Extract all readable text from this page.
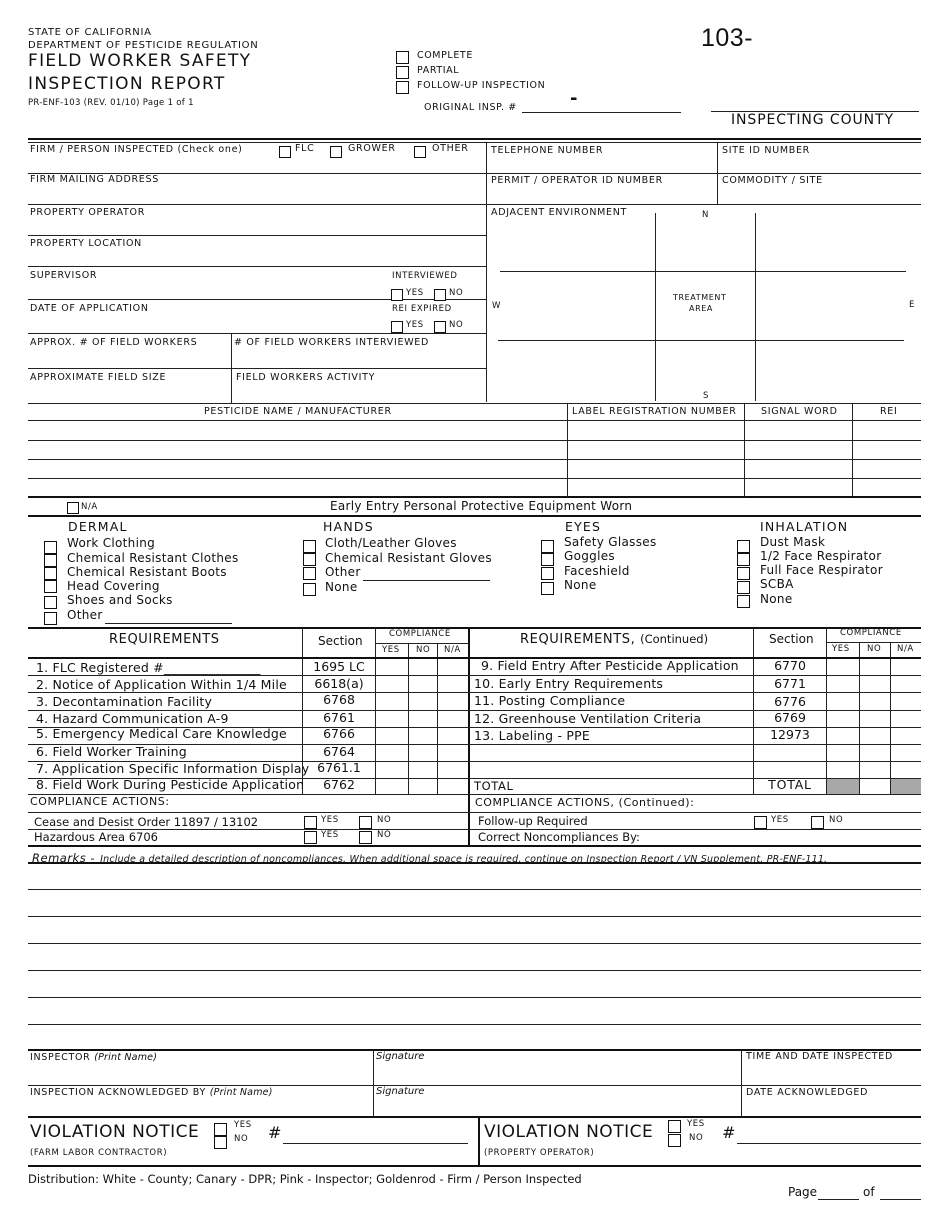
STATE OF CALIFORNIA
DEPARTMENT OF PESTICIDE REGULATION
FIELD WORKER SAFETY
INSPECTION REPORT
PR-ENF-103 (REV. 01/10) Page 1 of 1
COMPLETE
PARTIAL
FOLLOW-UP INSPECTION
ORIGINAL INSP. #	-
103-
INSPECTING COUNTY
FIRM / PERSON INSPECTED (Check one)	FLC	GROWER	OTHER TELEPHONE NUMBER	SITE ID NUMBER
FIRM MAILING ADDRESS	PERMIT / OPERATOR ID NUMBER	COMMODITY / SITE
PROPERTY OPERATOR	ADJACENT ENVIRONMENT
PROPERTY LOCATION
SUPERVISOR	INTERVIEWED
YES	NO
DATE OF APPLICATION	REI EXPIRED
YES	NO
APPROX. # OF FIELD WORKERS	# OF FIELD WORKERS INTERVIEWED
APPROXIMATE FIELD SIZE	FIELD WORKERS ACTIVITY
N
S
W	E
TREATMENT
AREA
PESTICIDE NAME / MANUFACTURER	LABEL REGISTRATION NUMBER	SIGNAL WORD	REI
N/A	Early Entry Personal Protective Equipment Worn
DERMAL	HANDS	EYES	INHALATION
Work Clothing
Chemical Resistant Clothes
Chemical Resistant Boots
Head Covering
Shoes and Socks
Other
Cloth/Leather Gloves
Chemical Resistant Gloves
Other
None
Safety Glasses
Goggles
Faceshield
None
Dust Mask
1/2 Face Respirator
Full Face Respirator
SCBA
None
REQUIREMENTS	Section	COMPLIANCE
YES NO N/A
REQUIREMENTS, (Continued)	Section	COMPLIANCE
YES NO N/A
1. FLC Registered #_______________	1695 LC
2. Notice of Application Within 1/4 Mile	6618(a)
3. Decontamination Facility	6768
4. Hazard Communication A-9	6761
5. Emergency Medical Care Knowledge	6766
6. Field Worker Training	6764
7. Application Specific Information Display 6761.1
8. Field Work During Pesticide Application	6762
9. Field Entry After Pesticide Application	6770
10. Early Entry Requirements	6771
11. Posting Compliance	6776
12. Greenhouse Ventilation Criteria	6769
13. Labeling - PPE	12973
TOTAL	TOTAL
COMPLIANCE ACTIONS:	COMPLIANCE ACTIONS, (Continued):
Cease and Desist Order 11897 / 13102	YES	NO
Hazardous Area 6706	YES	NO
Follow-up Required	YES	NO
Correct Noncompliances By:
Remarks - Include a detailed description of noncompliances. When additional space is required, continue on Inspection Report / VN Supplement, PR-ENF-111.
INSPECTOR (Print Name)	Signature	TIME AND DATE INSPECTED
INSPECTION ACKNOWLEDGED BY (Print Name)	Signature	DATE ACKNOWLEDGED
VIOLATION NOTICE	YES
NO #
(FARM LABOR CONTRACTOR)
VIOLATION NOTICE	YES
NO #
(PROPERTY OPERATOR)
Distribution: White - County; Canary - DPR; Pink - Inspector; Goldenrod - Firm / Person Inspected
Page	of
